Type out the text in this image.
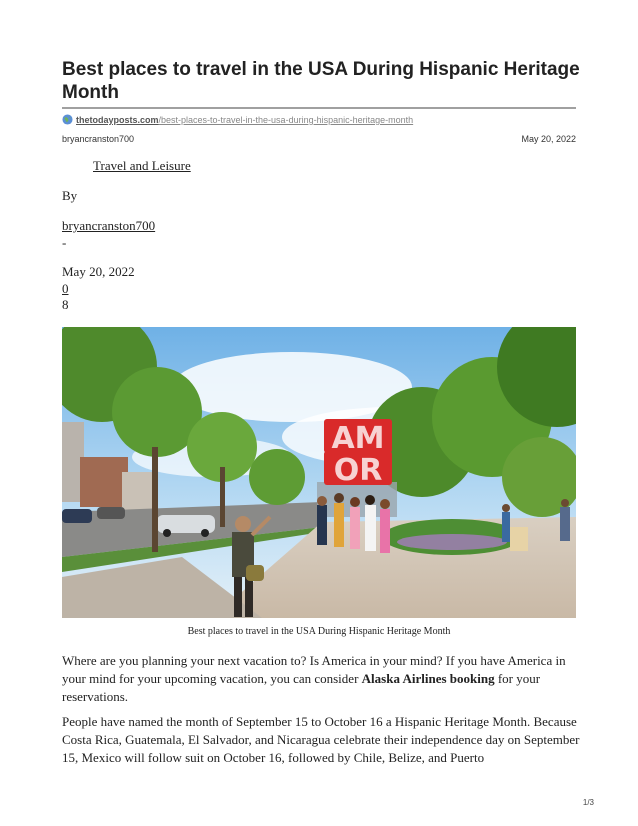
Best places to travel in the USA During Hispanic Heritage Month
thetodayposts.com/best-places-to-travel-in-the-usa-during-hispanic-heritage-month
bryancranston700	May 20, 2022
Travel and Leisure
By
bryancranston700
-
May 20, 2022
0
8
AM
OR
Best places to travel in the USA During Hispanic Heritage Month

Where are you planning your next vacation to? Is America in your mind? If you have America in your mind for your upcoming vacation, you can consider Alaska Airlines booking for your reservations.

People have named the month of September 15 to October 16 a Hispanic Heritage Month. Because Costa Rica, Guatemala, El Salvador, and Nicaragua celebrate their independence day on September 15, Mexico will follow suit on October 16, followed by Chile, Belize, and Puerto

1/3
